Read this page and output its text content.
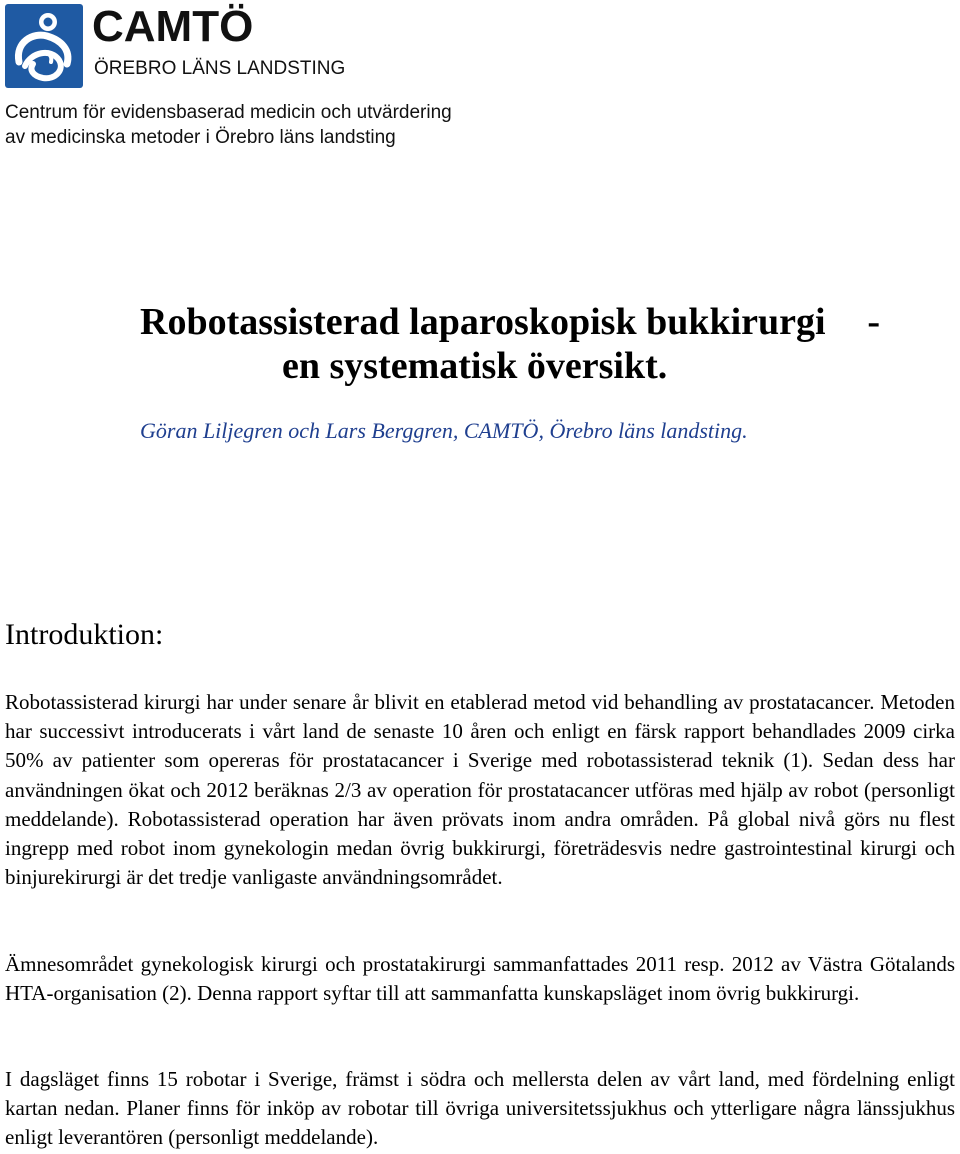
CAMTÖ
ÖREBRO LÄNS LANDSTING
Centrum för evidensbaserad medicin och utvärdering
av medicinska metoder i Örebro läns landsting
Robotassisterad laparoskopisk bukkirurgi -
en systematisk översikt.
Göran Liljegren och Lars Berggren, CAMTÖ, Örebro läns landsting.
Introduktion:

Robotassisterad kirurgi har under senare år blivit en etablerad metod vid behandling av prostatacancer. Metoden har successivt introducerats i vårt land de senaste 10 åren och enligt en färsk rapport behandlades 2009 cirka 50% av patienter som opereras för prostatacancer i Sverige med robotassisterad teknik (1). Sedan dess har användningen ökat och 2012 beräknas 2/3 av operation för prostatacancer utföras med hjälp av robot (personligt meddelande). Robotassisterad operation har även prövats inom andra områden. På global nivå görs nu flest ingrepp med robot inom gynekologin medan övrig bukkirurgi, företrädesvis nedre gastrointestinal kirurgi och binjurekirurgi är det tredje vanligaste användningsområdet.

Ämnesområdet gynekologisk kirurgi och prostatakirurgi sammanfattades 2011 resp. 2012 av Västra Götalands HTA-organisation (2). Denna rapport syftar till att sammanfatta kunskapsläget inom övrig bukkirurgi.

I dagsläget finns 15 robotar i Sverige, främst i södra och mellersta delen av vårt land, med fördelning enligt kartan nedan. Planer finns för inköp av robotar till övriga universitetssjukhus och ytterligare några länssjukhus enligt leverantören (personligt meddelande).
